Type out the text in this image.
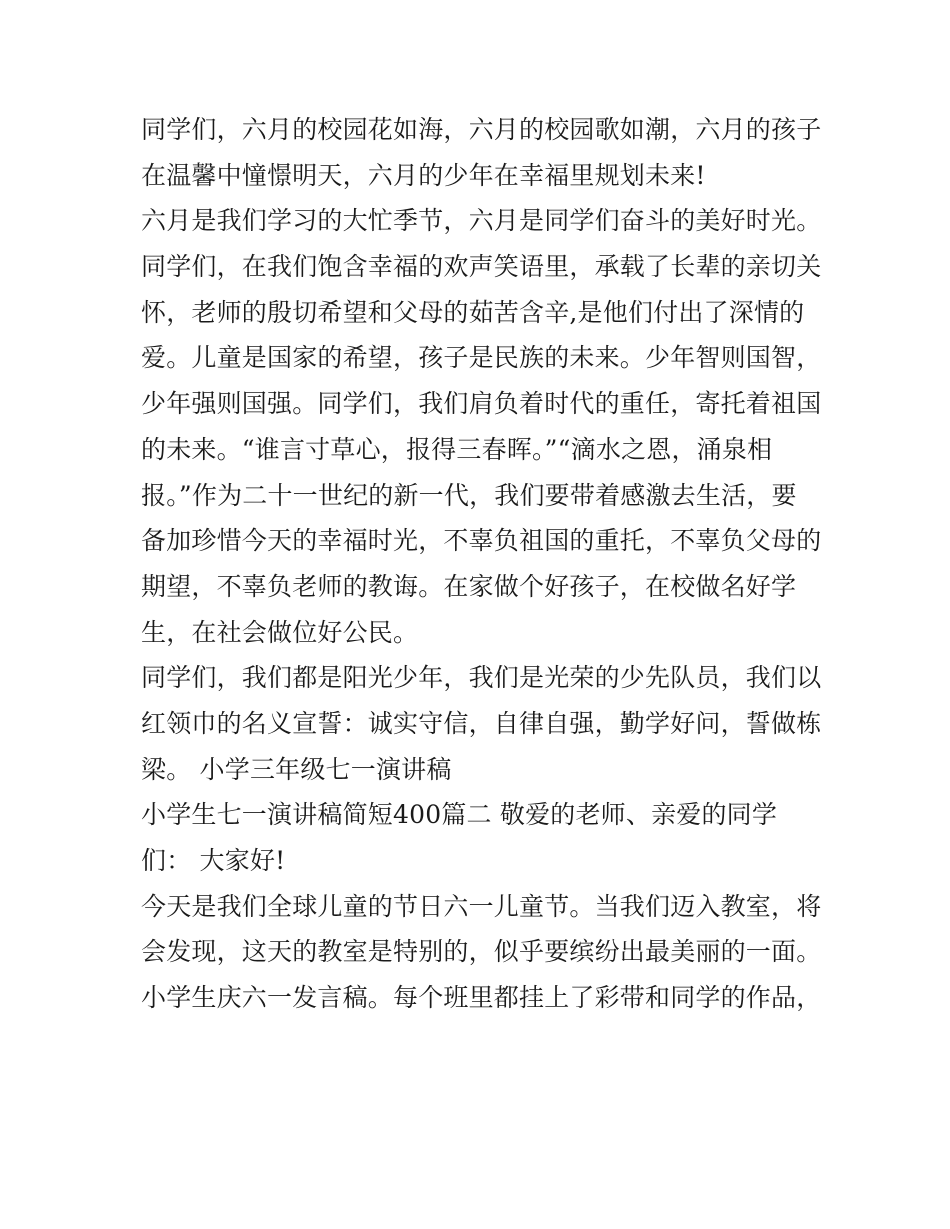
同学们，六月的校园花如海，六月的校园歌如潮，六月的孩子
在温馨中憧憬明天，六月的少年在幸福里规划未来!
六月是我们学习的大忙季节，六月是同学们奋斗的美好时光。
同学们，在我们饱含幸福的欢声笑语里，承载了长辈的亲切关
怀，老师的殷切希望和父母的茹苦含辛,是他们付出了深情的
爱。儿童是国家的希望，孩子是民族的未来。少年智则国智，
少年强则国强。同学们，我们肩负着时代的重任，寄托着祖国
的未来。“谁言寸草心，报得三春晖。”“滴水之恩，涌泉相
报。”作为二十一世纪的新一代，我们要带着感激去生活，要
备加珍惜今天的幸福时光，不辜负祖国的重托，不辜负父母的
期望，不辜负老师的教诲。在家做个好孩子，在校做名好学
生，在社会做位好公民。
同学们，我们都是阳光少年，我们是光荣的少先队员，我们以
红领巾的名义宣誓：诚实守信，自律自强，勤学好问，誓做栋
梁。 小学三年级七一演讲稿
小学生七一演讲稿简短400篇二 敬爱的老师、亲爱的同学
们： 大家好!
今天是我们全球儿童的节日六一儿童节。当我们迈入教室，将
会发现，这天的教室是特别的，似乎要缤纷出最美丽的一面。
小学生庆六一发言稿。每个班里都挂上了彩带和同学的作品，
